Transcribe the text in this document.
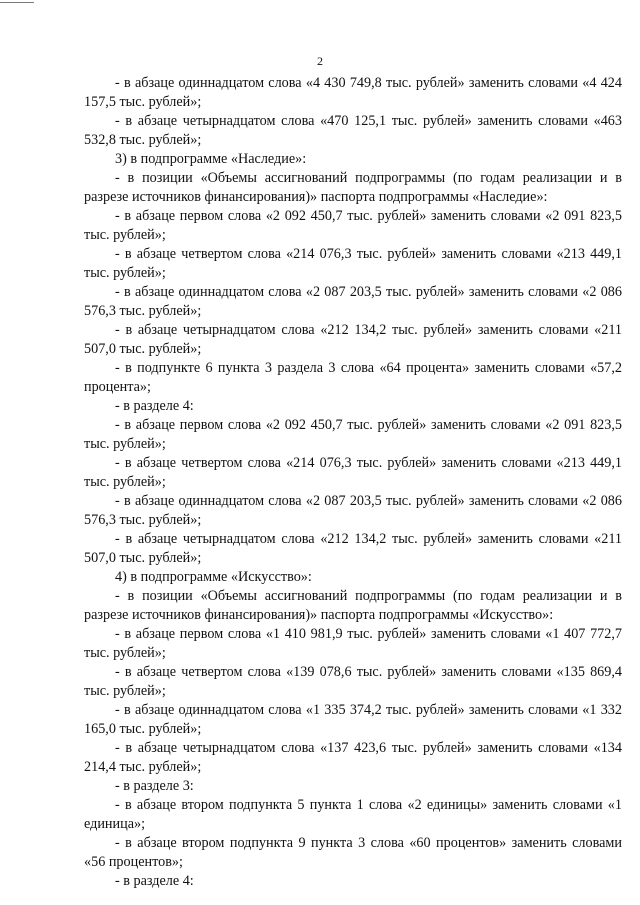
2

- в абзаце одиннадцатом слова «4 430 749,8 тыс. рублей» заменить словами «4 424 157,5 тыс. рублей»;

- в абзаце четырнадцатом слова «470 125,1 тыс. рублей» заменить словами «463 532,8 тыс. рублей»;

3) в подпрограмме «Наследие»:

- в позиции «Объемы ассигнований подпрограммы (по годам реализации и в разрезе источников финансирования)» паспорта подпрограммы «Наследие»:

- в абзаце первом слова «2 092 450,7 тыс. рублей» заменить словами «2 091 823,5 тыс. рублей»;

- в абзаце четвертом слова «214 076,3 тыс. рублей» заменить словами «213 449,1 тыс. рублей»;

- в абзаце одиннадцатом слова «2 087 203,5 тыс. рублей» заменить словами «2 086 576,3 тыс. рублей»;

- в абзаце четырнадцатом слова «212 134,2 тыс. рублей» заменить словами «211 507,0 тыс. рублей»;

- в подпункте 6 пункта 3 раздела 3 слова «64 процента» заменить словами «57,2 процента»;

- в разделе 4:

- в абзаце первом слова «2 092 450,7 тыс. рублей» заменить словами «2 091 823,5 тыс. рублей»;

- в абзаце четвертом слова «214 076,3 тыс. рублей» заменить словами «213 449,1 тыс. рублей»;

- в абзаце одиннадцатом слова «2 087 203,5 тыс. рублей» заменить словами «2 086 576,3 тыс. рублей»;

- в абзаце четырнадцатом слова «212 134,2 тыс. рублей» заменить словами «211 507,0 тыс. рублей»;

4) в подпрограмме «Искусство»:

- в позиции «Объемы ассигнований подпрограммы (по годам реализации и в разрезе источников финансирования)» паспорта подпрограммы «Искусство»:

- в абзаце первом слова «1 410 981,9 тыс. рублей» заменить словами «1 407 772,7 тыс. рублей»;

- в абзаце четвертом слова «139 078,6 тыс. рублей» заменить словами «135 869,4 тыс. рублей»;

- в абзаце одиннадцатом слова «1 335 374,2 тыс. рублей» заменить словами «1 332 165,0 тыс. рублей»;

- в абзаце четырнадцатом слова «137 423,6 тыс. рублей» заменить словами «134 214,4 тыс. рублей»;

- в разделе 3:

- в абзаце втором подпункта 5 пункта 1 слова «2 единицы» заменить словами «1 единица»;

- в абзаце втором подпункта 9 пункта 3 слова «60 процентов» заменить словами «56 процентов»;

- в разделе 4:
